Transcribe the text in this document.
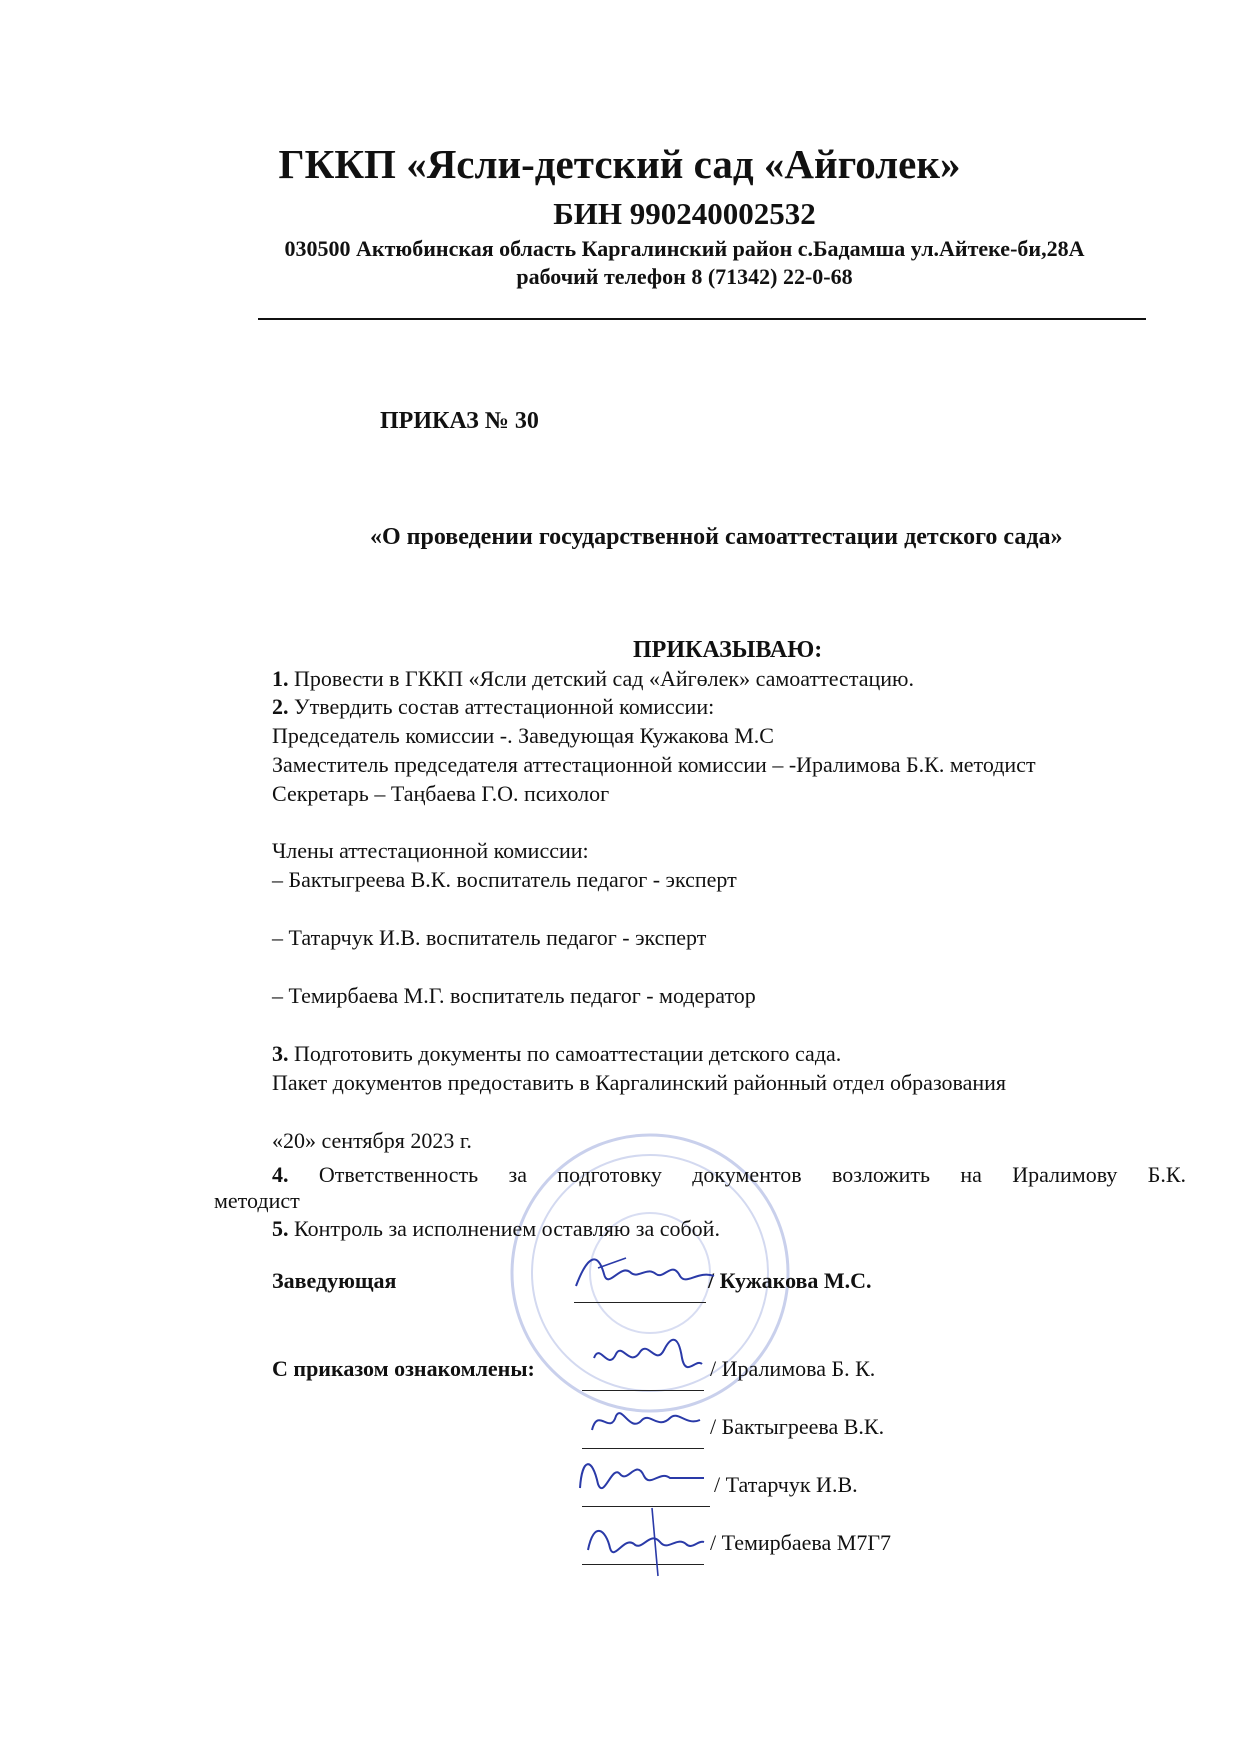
ГККП «Ясли-детский сад «Айголек»
БИН 990240002532
030500 Актюбинская область Каргалинский район с.Бадамша ул.Айтеке-би,28А
рабочий телефон 8 (71342) 22-0-68
ПРИКАЗ № 30
«О проведении государственной самоаттестации детского сада»
ПРИКАЗЫВАЮ:
1. Провести в ГККП «Ясли детский сад «Айгөлек» самоаттестацию.
2. Утвердить состав аттестационной комиссии:
Председатель комиссии -. Заведующая Кужакова М.С
Заместитель председателя аттестационной комиссии – -Иралимова Б.К. методист
Секретарь – Таңбаева Г.О. психолог
Члены аттестационной комиссии:
– Бактыгреева В.К. воспитатель педагог - эксперт
– Татарчук И.В. воспитатель педагог - эксперт
– Темирбаева М.Г. воспитатель педагог - модератор
3. Подготовить документы по самоаттестации детского сада.
Пакет документов предоставить в Каргалинский районный отдел образования
«20» сентября 2023 г.
4. Ответственность за подготовку документов возложить на Иралимову Б.К.
методист
5. Контроль за исполнением оставляю за собой.
Заведующая	/ Кужакова М.С.
С приказом ознакомлены:	/ Иралимова Б. К.
/ Бактыгреева В.К.
/ Татарчук И.В.
/ Темирбаева М7Г7
